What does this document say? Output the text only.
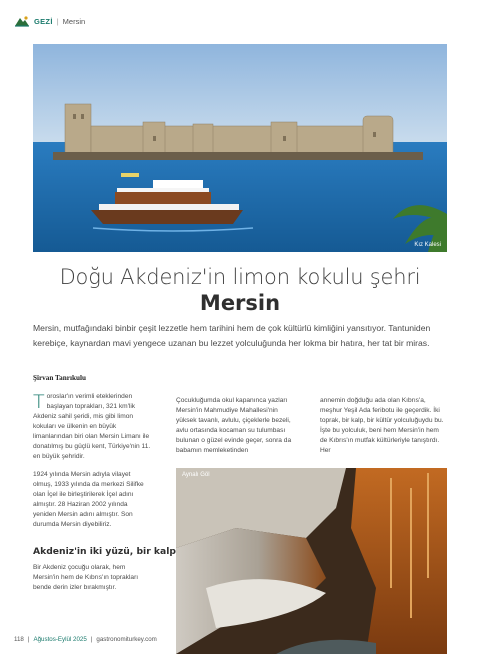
GEZİ | Mersin
Kız Kalesi
Doğu Akdeniz'in limon kokulu şehri
Mersin

Mersin, mutfağındaki binbir çeşit lezzetle hem tarihini hem de çok kültürlü kimliğini yansıtıyor. Tantuniden kerebiçe, kaynardan mavi yengece uzanan bu lezzet yolculuğunda her lokma bir hatıra, her tat bir miras.

Şirvan Tanrıkulu

Toroslar'ın verimli eteklerinden başlayan toprakları, 321 km'lik Akdeniz sahil şeridi, mis gibi limon kokuları ve ülkenin en büyük limanlarından biri olan Mersin Limanı ile donatılmış bu güçlü kent, Türkiye'nin 11. en büyük şehridir.

1924 yılında Mersin adıyla vilayet olmuş, 1933 yılında da merkezi Silifke olan İçel ile birleştirilerek İçel adını almıştır. 28 Haziran 2002 yılında yeniden Mersin adını almıştır. Son durumda Mersin diyebiliriz.

Akdeniz'in iki yüzü, bir kalp

Bir Akdeniz çocuğu olarak, hem Mersin'in hem de Kıbrıs'ın toprakları bende derin izler bırakmıştır.

Çocukluğumda okul kapanınca yazları Mersin'in Mahmudiye Mahallesi'nin yüksek tavanlı, avlulu, çiçeklerle bezeli, avlu ortasında kocaman su tulumbası bulunan o güzel evinde geçer, sonra da babamın memleketinden

annemin doğduğu ada olan Kıbrıs'a, meşhur Yeşil Ada feribotu ile geçerdik. İki toprak, bir kalp, bir kültür yolculuğuydu bu. İşte bu yolculuk, beni hem Mersin'in hem de Kıbrıs'ın mutfak kültürleriyle tanıştırdı. Her

Aynalı Göl
118 | Ağustos-Eylül 2025 | gastronomiturkey.com
